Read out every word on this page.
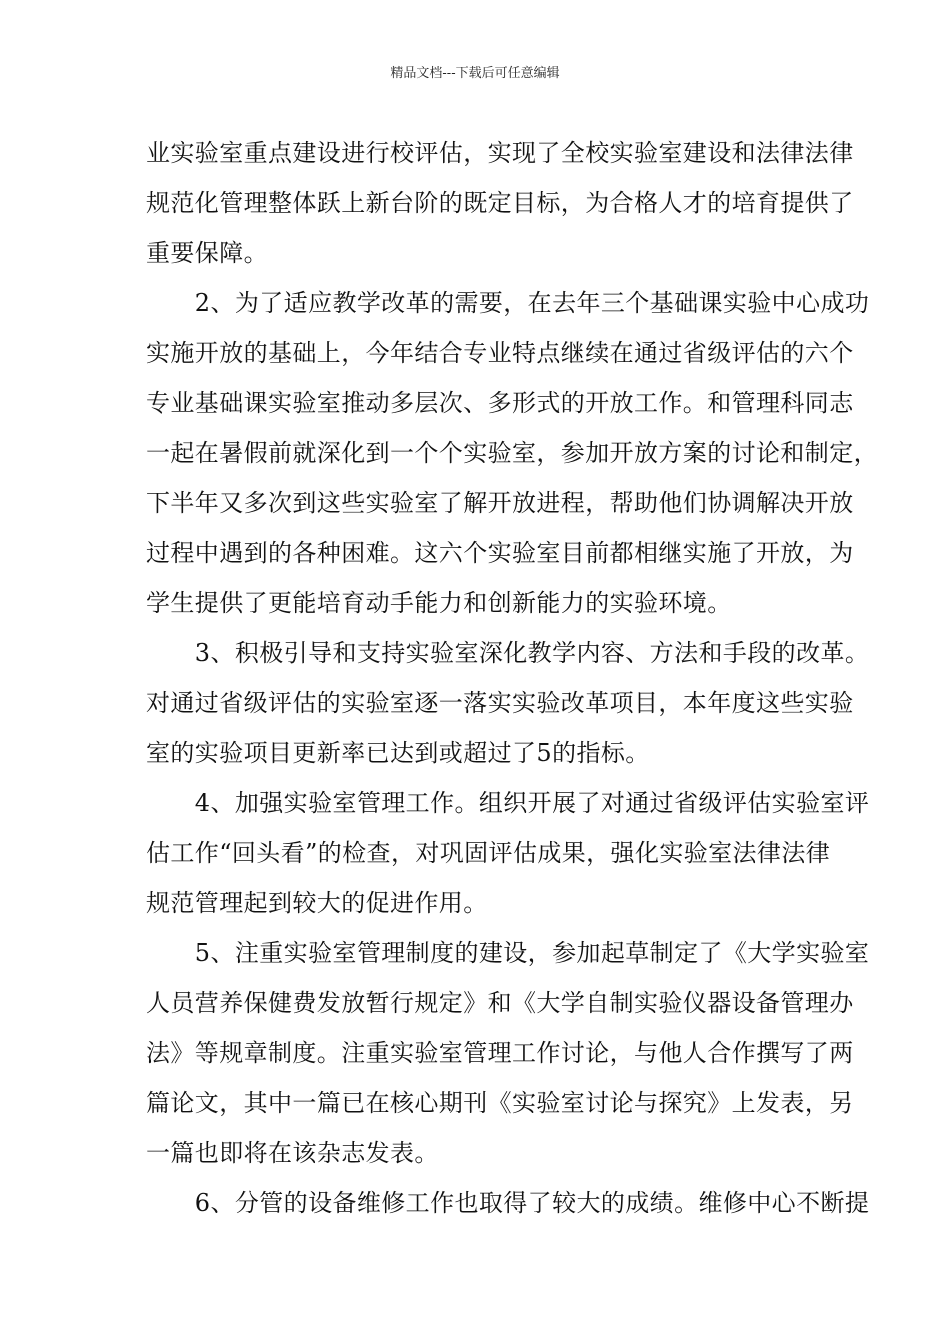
精品文档---下载后可任意编辑
业实验室重点建设进行校评估，实现了全校实验室建设和法律法律
规范化管理整体跃上新台阶的既定目标，为合格人才的培育提供了
重要保障。
　　2、为了适应教学改革的需要，在去年三个基础课实验中心成功
实施开放的基础上，今年结合专业特点继续在通过省级评估的六个
专业基础课实验室推动多层次、多形式的开放工作。和管理科同志
一起在暑假前就深化到一个个实验室，参加开放方案的讨论和制定，
下半年又多次到这些实验室了解开放进程，帮助他们协调解决开放
过程中遇到的各种困难。这六个实验室目前都相继实施了开放，为
学生提供了更能培育动手能力和创新能力的实验环境。
　　3、积极引导和支持实验室深化教学内容、方法和手段的改革。
对通过省级评估的实验室逐一落实实验改革项目，本年度这些实验
室的实验项目更新率已达到或超过了5的指标。
　　4、加强实验室管理工作。组织开展了对通过省级评估实验室评
估工作“回头看”的检查，对巩固评估成果，强化实验室法律法律
规范管理起到较大的促进作用。
　　5、注重实验室管理制度的建设，参加起草制定了《大学实验室
人员营养保健费发放暂行规定》和《大学自制实验仪器设备管理办
法》等规章制度。注重实验室管理工作讨论，与他人合作撰写了两
篇论文，其中一篇已在核心期刊《实验室讨论与探究》上发表，另
一篇也即将在该杂志发表。
　　6、分管的设备维修工作也取得了较大的成绩。维修中心不断提
